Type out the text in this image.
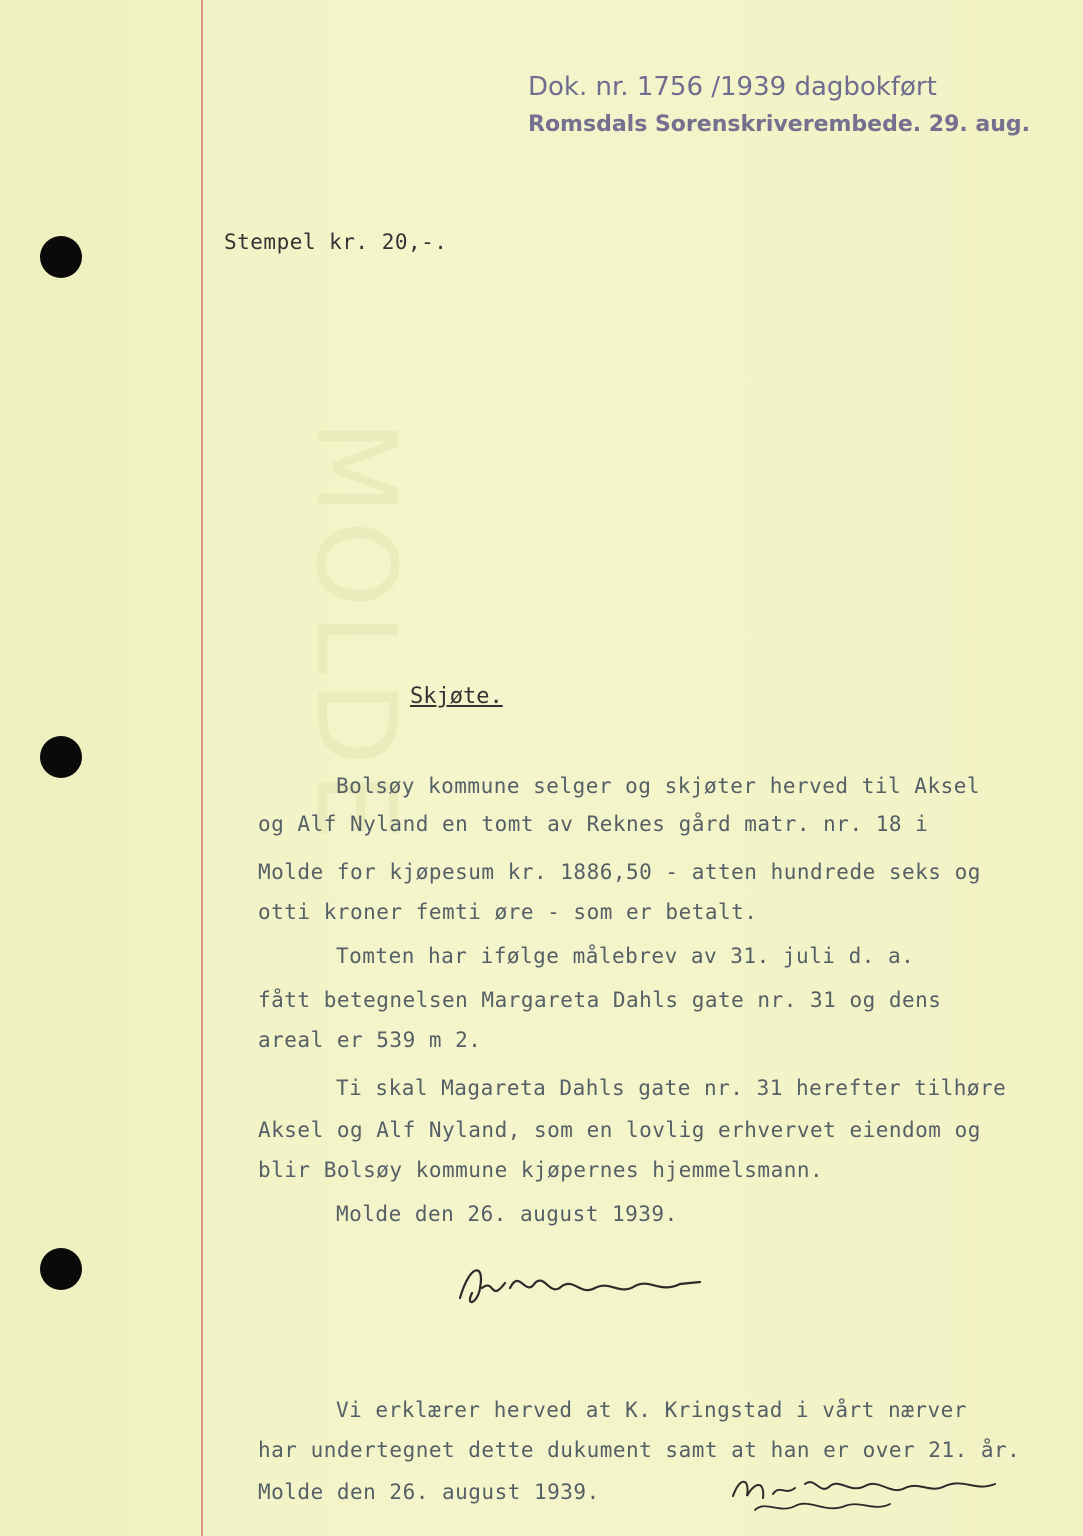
MOLDE
Dok. nr. 1756 /1939 dagbokført
Romsdals Sorenskriverembede. 29. aug.
Stempel kr. 20,-.
Skjøte.
Bolsøy kommune selger og skjøter herved til Aksel
og Alf Nyland en tomt av Reknes gård matr. nr. 18 i
Molde for kjøpesum kr. 1886,50 - atten hundrede seks og
otti kroner femti øre - som er betalt.
Tomten har ifølge målebrev av 31. juli d. a.
fått betegnelsen Margareta Dahls gate nr. 31 og dens
areal er 539 m 2.
Ti skal Magareta Dahls gate nr. 31 herefter tilhøre
Aksel og Alf Nyland, som en lovlig erhvervet eiendom og
blir Bolsøy kommune kjøpernes hjemmelsmann.
Molde den 26. august 1939.
Vi erklærer herved at K. Kringstad i vårt nærver
har undertegnet dette dukument samt at han er over 21. år.
Molde den 26. august 1939.
